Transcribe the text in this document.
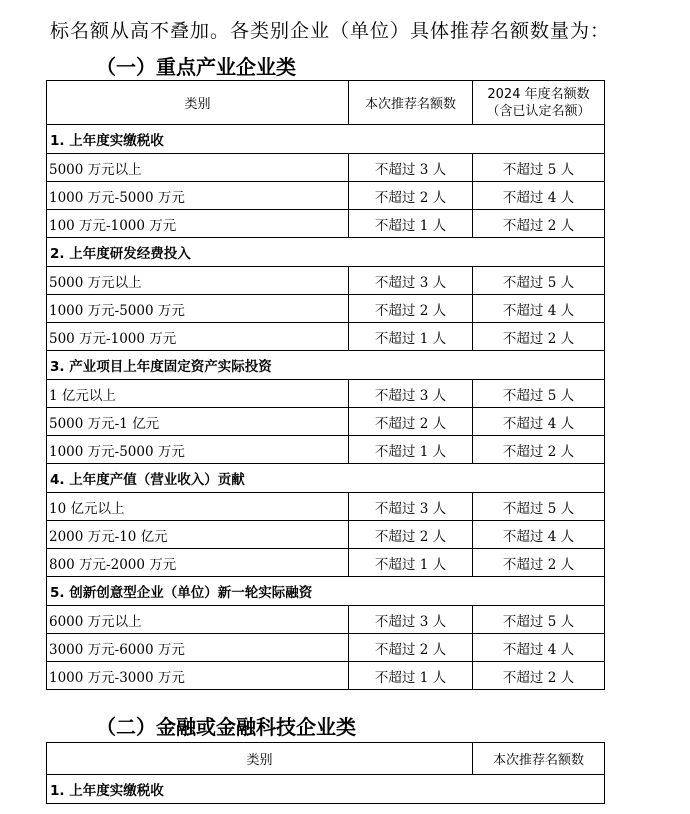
标名额从高不叠加。各类别企业（单位）具体推荐名额数量为：
（一）重点产业企业类
类别	本次推荐名额数	2024 年度名额数
（含已认定名额）

1. 上年度实缴税收		
5000 万元以上	不超过 3 人	不超过 5 人
1000 万元-5000 万元	不超过 2 人	不超过 4 人
100 万元-1000 万元	不超过 1 人	不超过 2 人
2. 上年度研发经费投入		
5000 万元以上	不超过 3 人	不超过 5 人
1000 万元-5000 万元	不超过 2 人	不超过 4 人
500 万元-1000 万元	不超过 1 人	不超过 2 人
3. 产业项目上年度固定资产实际投资		
1 亿元以上	不超过 3 人	不超过 5 人
5000 万元-1 亿元	不超过 2 人	不超过 4 人
1000 万元-5000 万元	不超过 1 人	不超过 2 人
4. 上年度产值（营业收入）贡献		
10 亿元以上	不超过 3 人	不超过 5 人
2000 万元-10 亿元	不超过 2 人	不超过 4 人
800 万元-2000 万元	不超过 1 人	不超过 2 人
5. 创新创意型企业（单位）新一轮实际融资		
6000 万元以上	不超过 3 人	不超过 5 人
3000 万元-6000 万元	不超过 2 人	不超过 4 人
1000 万元-3000 万元	不超过 1 人	不超过 2 人
（二）金融或金融科技企业类
类别	本次推荐名额数
1. 上年度实缴税收
